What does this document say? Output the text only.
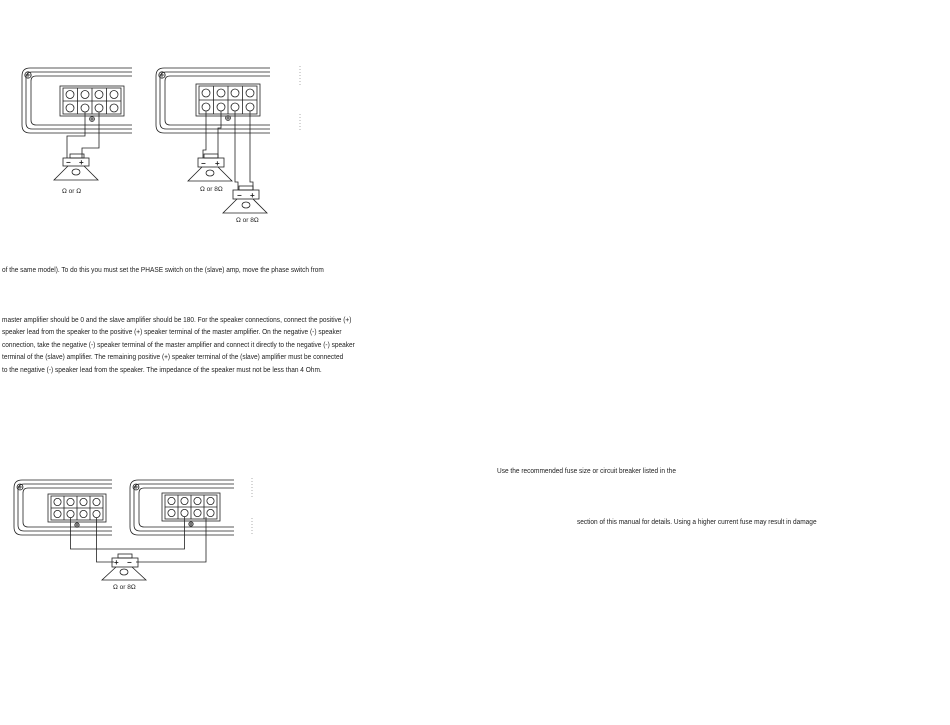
− +	− +
− +
Ω or Ω	Ω or 8Ω
Ω or 8Ω
of the same model). To do this you must set the PHASE switch on the (slave) amp, move the phase switch from
master amplifier should be 0 and the slave amplifier should be 180. For the speaker connections, connect the positive (+)
speaker lead from the speaker to the positive (+) speaker terminal of the master amplifier. On the negative (-) speaker
connection, take the negative (-) speaker terminal of the master amplifier and connect it directly to the negative (-) speaker
terminal of the (slave) amplifier. The remaining positive (+) speaker terminal of the (slave) amplifier must be connected
to the negative (-) speaker lead from the speaker. The impedance of the speaker must not be less than 4 Ohm.
Use the recommended fuse size or circuit breaker listed in the
section of this manual for details. Using a higher current fuse may result in damage
+ −
Ω or 8Ω
